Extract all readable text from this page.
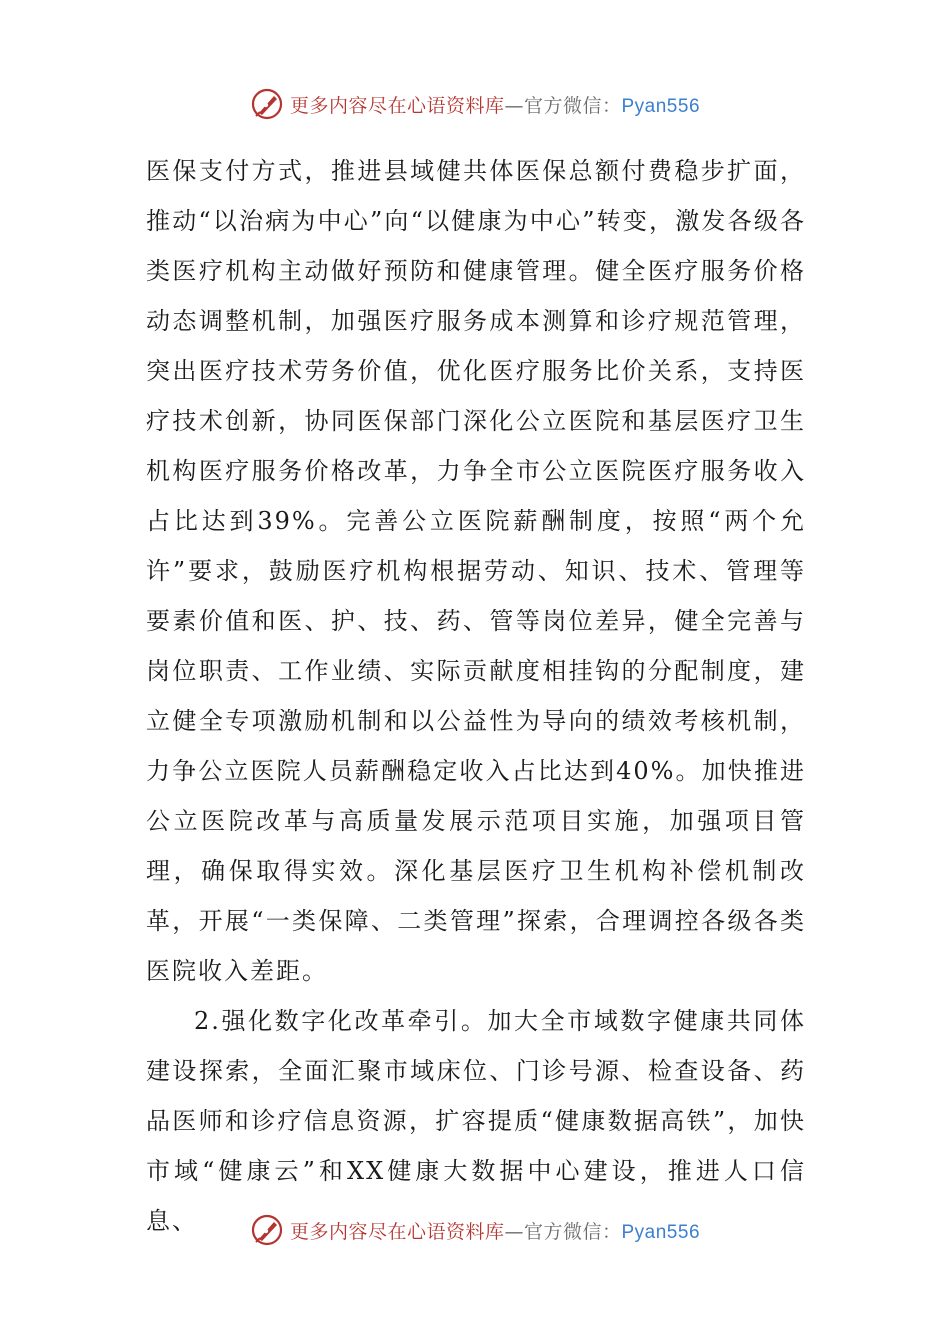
更多内容尽在心语资料库—官方微信：Pyan556

医保支付方式，推进县域健共体医保总额付费稳步扩面，推动“以治病为中心”向“以健康为中心”转变，激发各级各类医疗机构主动做好预防和健康管理。健全医疗服务价格动态调整机制，加强医疗服务成本测算和诊疗规范管理，突出医疗技术劳务价值，优化医疗服务比价关系，支持医疗技术创新，协同医保部门深化公立医院和基层医疗卫生机构医疗服务价格改革，力争全市公立医院医疗服务收入占比达到39%。完善公立医院薪酬制度，按照“两个允许”要求，鼓励医疗机构根据劳动、知识、技术、管理等要素价值和医、护、技、药、管等岗位差异，健全完善与岗位职责、工作业绩、实际贡献度相挂钩的分配制度，建立健全专项激励机制和以公益性为导向的绩效考核机制，力争公立医院人员薪酬稳定收入占比达到40%。加快推进公立医院改革与高质量发展示范项目实施，加强项目管理，确保取得实效。深化基层医疗卫生机构补偿机制改革，开展“一类保障、二类管理”探索，合理调控各级各类医院收入差距。

2.强化数字化改革牵引。加大全市域数字健康共同体建设探索，全面汇聚市域床位、门诊号源、检查设备、药品医师和诊疗信息资源，扩容提质“健康数据高铁”，加快市域“健康云”和XX健康大数据中心建设，推进人口信息、	更多内容尽在心语资料库—官方微信：Pyan556
